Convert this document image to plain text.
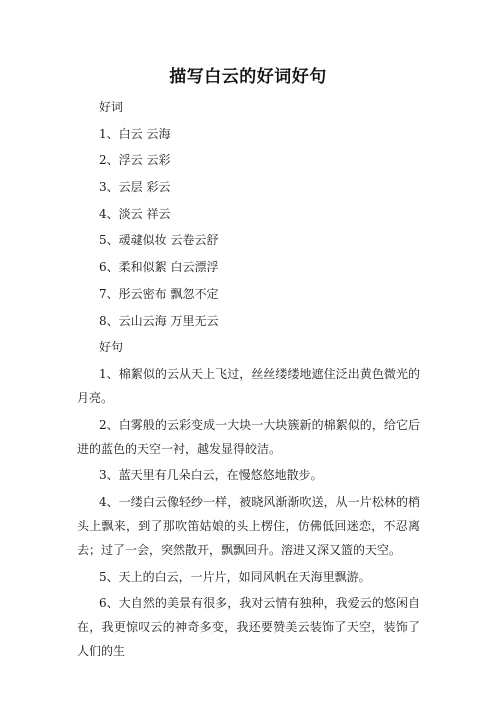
描写白云的好词好句
好词
1、白云 云海
2、浮云 云彩
3、云层 彩云
4、淡云 祥云
5、叆叇似妆 云卷云舒
6、柔和似絮 白云漂浮
7、彤云密布 飘忽不定
8、云山云海 万里无云
好句
1、棉絮似的云从天上飞过，丝丝缕缕地遮住泛出黄色微光的月亮。
2、白雾般的云彩变成一大块一大块簇新的棉絮似的，给它后进的蓝色的天空一衬，越发显得皎洁。
3、蓝天里有几朵白云，在慢悠悠地散步。
4、一缕白云像轻纱一样，被晓风渐渐吹送，从一片松林的梢头上飘来，到了那吹笛姑娘的头上楞住，仿佛低回迷恋，不忍离去；过了一会，突然散开，飘飘回升。溶进又深又篮的天空。
5、天上的白云，一片片，如同风帆在天海里飘游。
6、大自然的美景有很多，我对云情有独种，我爱云的悠闲自在，我更惊叹云的神奇多变，我还要赞美云装饰了天空，装饰了人们的生
